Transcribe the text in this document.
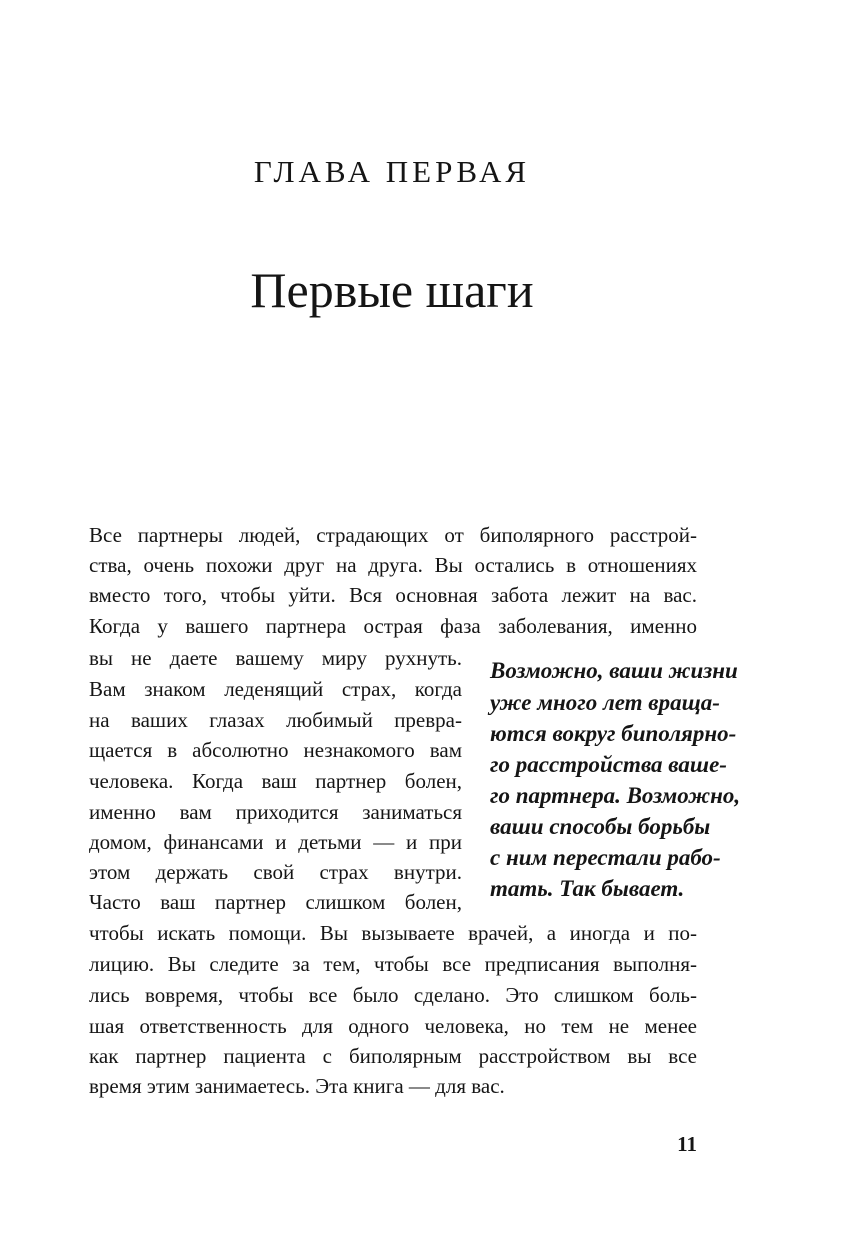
ГЛАВА ПЕРВАЯ
Первые шаги
Все партнеры людей, страдающих от биполярного расстрой-
ства, очень похожи друг на друга. Вы остались в отношениях
вместо того, чтобы уйти. Вся основная забота лежит на вас.
Когда у вашего партнера острая фаза заболевания, именно
вы не даете вашему миру рухнуть.
Вам знаком леденящий страх, когда
на ваших глазах любимый превра-
щается в абсолютно незнакомого вам
человека. Когда ваш партнер болен,
именно вам приходится заниматься
домом, финансами и детьми — и при
этом держать свой страх внутри.
Часто ваш партнер слишком болен,
чтобы искать помощи. Вы вызываете врачей, а иногда и по-
лицию. Вы следите за тем, чтобы все предписания выполня-
лись вовремя, чтобы все было сделано. Это слишком боль-
шая ответственность для одного человека, но тем не менее
как партнер пациента с биполярным расстройством вы все
время этим занимаетесь. Эта книга — для вас.
Возможно, ваши жизни
уже много лет враща-
ются вокруг биполярно-
го расстройства ваше-
го партнера. Возможно,
ваши способы борьбы
с ним перестали рабо-
тать. Так бывает.
11
